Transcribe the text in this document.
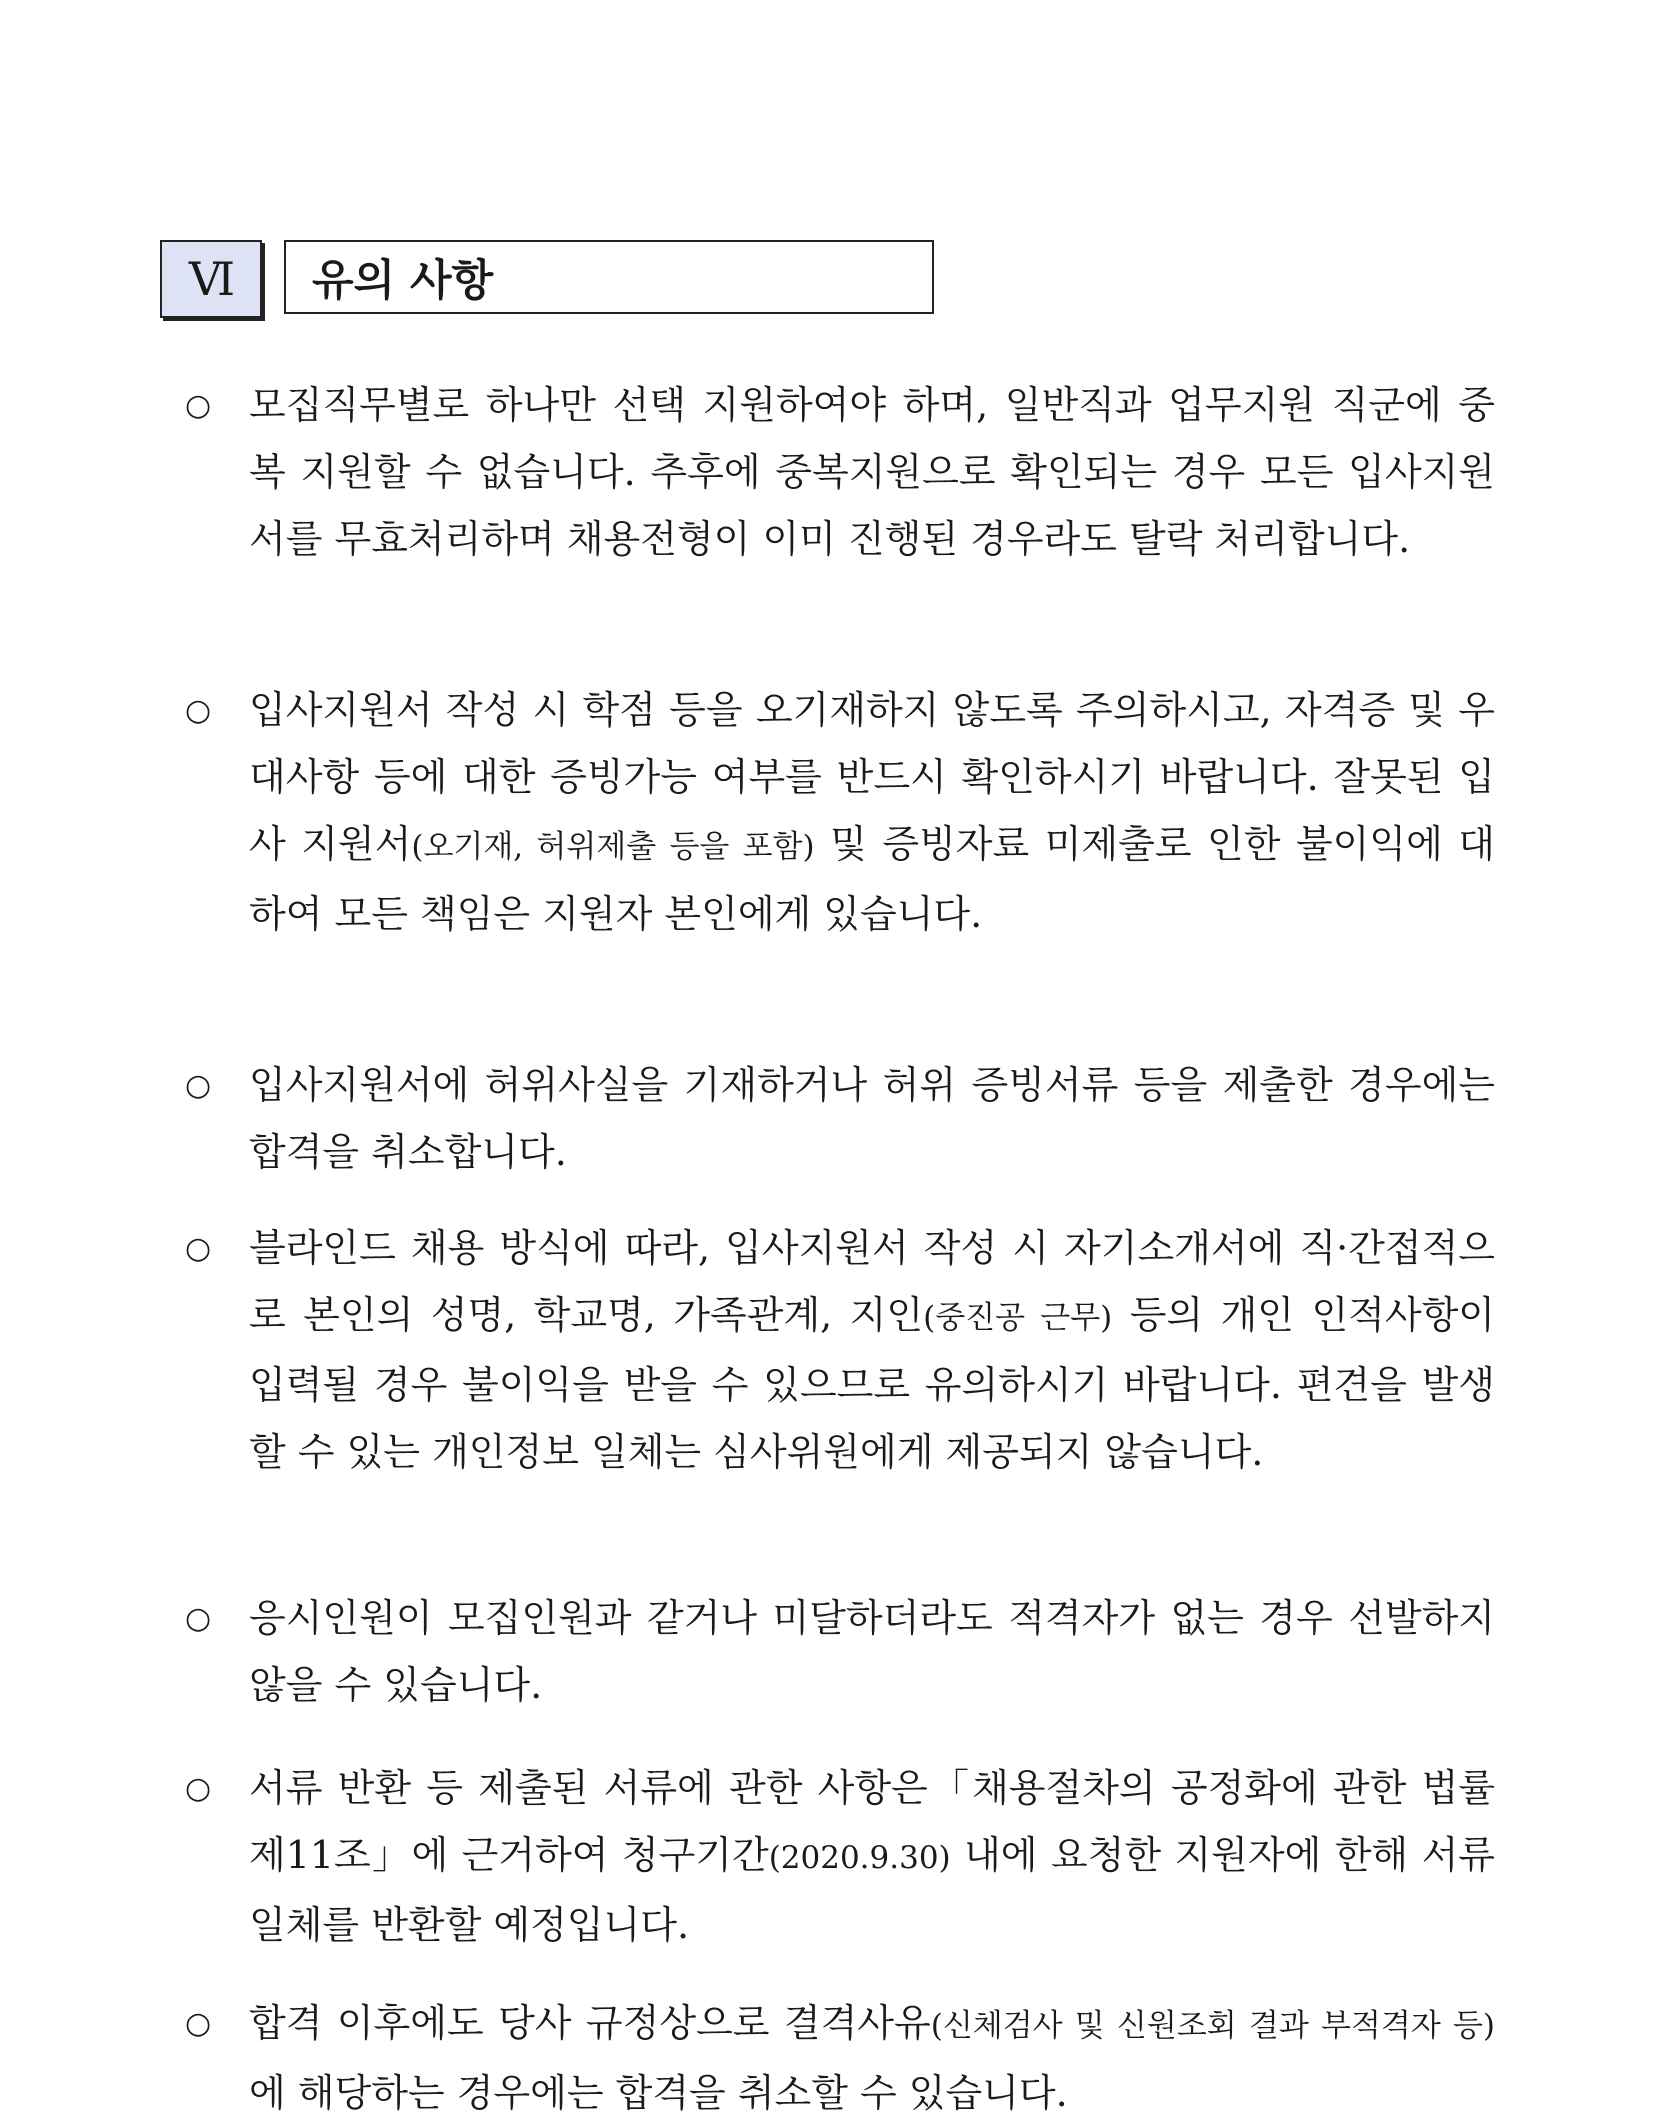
Ⅵ 유의 사항
○ 모집직무별로 하나만 선택 지원하여야 하며, 일반직과 업무지원 직군에 중복 지원할 수 없습니다. 추후에 중복지원으로 확인되는 경우 모든 입사지원서를 무효처리하며 채용전형이 이미 진행된 경우라도 탈락 처리합니다.
○ 입사지원서 작성 시 학점 등을 오기재하지 않도록 주의하시고, 자격증 및 우대사항 등에 대한 증빙가능 여부를 반드시 확인하시기 바랍니다. 잘못된 입사 지원서(오기재, 허위제출 등을 포함) 및 증빙자료 미제출로 인한 불이익에 대하여 모든 책임은 지원자 본인에게 있습니다.
○ 입사지원서에 허위사실을 기재하거나 허위 증빙서류 등을 제출한 경우에는 합격을 취소합니다.
○ 블라인드 채용 방식에 따라, 입사지원서 작성 시 자기소개서에 직·간접적으로 본인의 성명, 학교명, 가족관계, 지인(중진공 근무) 등의 개인 인적사항이 입력될 경우 불이익을 받을 수 있으므로 유의하시기 바랍니다. 편견을 발생할 수 있는 개인정보 일체는 심사위원에게 제공되지 않습니다.
○ 응시인원이 모집인원과 같거나 미달하더라도 적격자가 없는 경우 선발하지 않을 수 있습니다.
○ 서류 반환 등 제출된 서류에 관한 사항은「채용절차의 공정화에 관한 법률 제11조」에 근거하여 청구기간(2020.9.30) 내에 요청한 지원자에 한해 서류일체를 반환할 예정입니다.
○ 합격 이후에도 당사 규정상으로 결격사유(신체검사 및 신원조회 결과 부적격자 등)에 해당하는 경우에는 합격을 취소할 수 있습니다.
